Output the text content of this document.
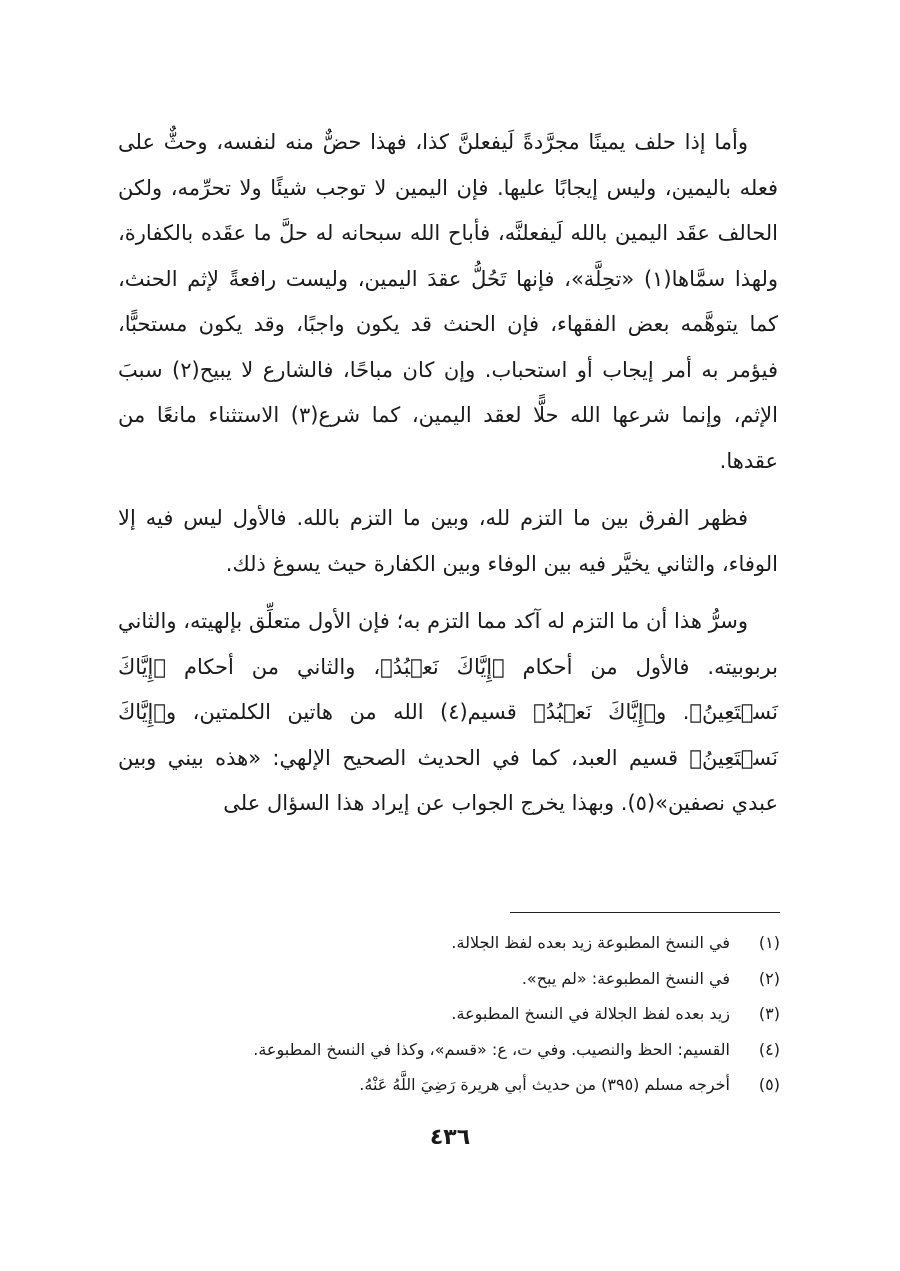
وأما إذا حلف يمينًا مجرَّدةً لَيفعلنَّ كذا، فهذا حضٌّ منه لنفسه، وحثٌّ على فعله باليمين، وليس إيجابًا عليها. فإن اليمين لا توجب شيئًا ولا تحرِّمه، ولكن الحالف عقَد اليمين بالله لَيفعلنَّه، فأباح الله سبحانه له حلَّ ما عقَده بالكفارة، ولهذا سمَّاها(١) «تحِلَّة»، فإنها تَحُلُّ عقدَ اليمين، وليست رافعةً لإثم الحنث، كما يتوهَّمه بعض الفقهاء، فإن الحنث قد يكون واجبًا، وقد يكون مستحبًّا، فيؤمر به أمر إيجاب أو استحباب. وإن كان مباحًا، فالشارع لا يبيح(٢) سببَ الإثم، وإنما شرعها الله حلًّا لعقد اليمين، كما شرع(٣) الاستثناء مانعًا من عقدها.

فظهر الفرق بين ما التزم لله، وبين ما التزم بالله. فالأول ليس فيه إلا الوفاء، والثاني يخيَّر فيه بين الوفاء وبين الكفارة حيث يسوغ ذلك.

وسرُّ هذا أن ما التزم له آكد مما التزم به؛ فإن الأول متعلِّق بإلهيته، والثاني بربوبيته. فالأول من أحكام ﴿إِيَّاكَ نَعۡبُدُ﴾، والثاني من أحكام ﴿إِيَّاكَ نَسۡتَعِينُ﴾. و﴿إِيَّاكَ نَعۡبُدُ﴾ قسيم(٤) الله من هاتين الكلمتين، و﴿إِيَّاكَ نَسۡتَعِينُ﴾ قسيم العبد، كما في الحديث الصحيح الإلهي: «هذه بيني وبين عبدي نصفين»(٥). وبهذا يخرج الجواب عن إيراد هذا السؤال على

(١)في النسخ المطبوعة زيد بعده لفظ الجلالة.

(٢)في النسخ المطبوعة: «لم يبح».

(٣)زيد بعده لفظ الجلالة في النسخ المطبوعة.

(٤)القسيم: الحظ والنصيب. وفي ت، ع: «قسم»، وكذا في النسخ المطبوعة.

(٥)أخرجه مسلم (٣٩٥) من حديث أبي هريرة رَضِيَ اللَّهُ عَنْهُ.

٤٣٦
